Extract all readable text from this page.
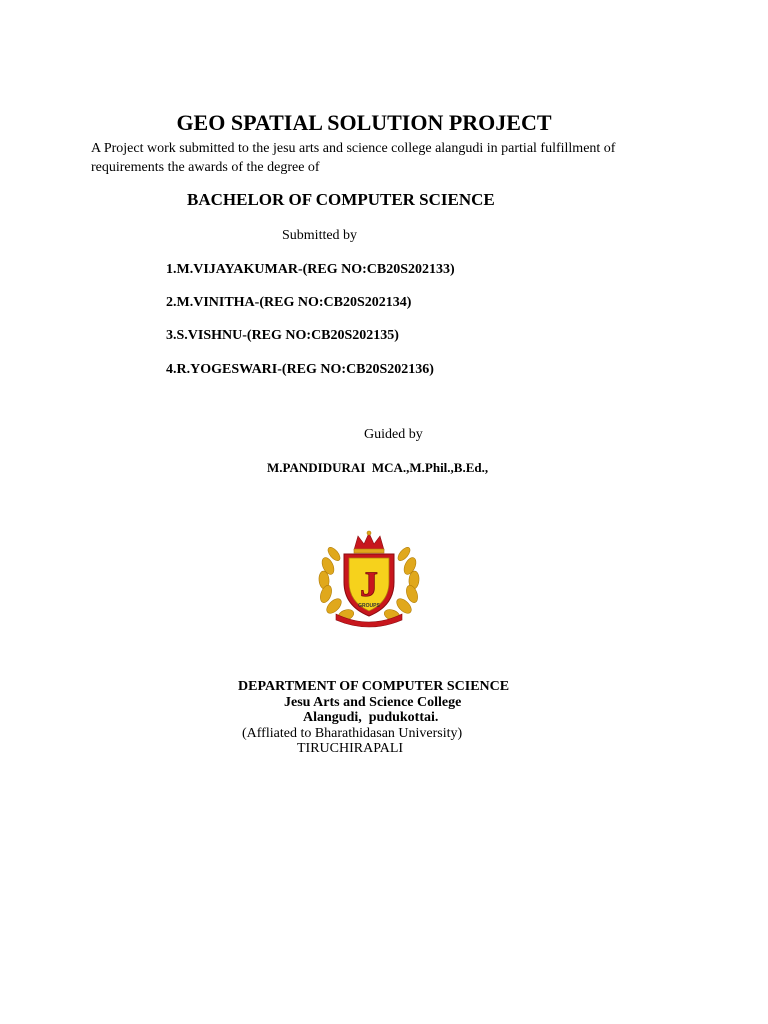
GEO SPATIAL SOLUTION PROJECT
A Project work submitted to the jesu arts and science college alangudi in partial fulfillment of
requirements the awards of the degree of
BACHELOR OF COMPUTER SCIENCE
Submitted by
1.M.VIJAYAKUMAR-(REG NO:CB20S202133)
2.M.VINITHA-(REG NO:CB20S202134)
3.S.VISHNU-(REG NO:CB20S202135)
4.R.YOGESWARI-(REG NO:CB20S202136)
Guided by
M.PANDIDURAI  MCA.,M.Phil.,B.Ed.,
J
GROUPS
DEPARTMENT OF COMPUTER SCIENCE
Jesu Arts and Science College
Alangudi,  pudukottai.
(Affliated to Bharathidasan University)
TIRUCHIRAPALI
